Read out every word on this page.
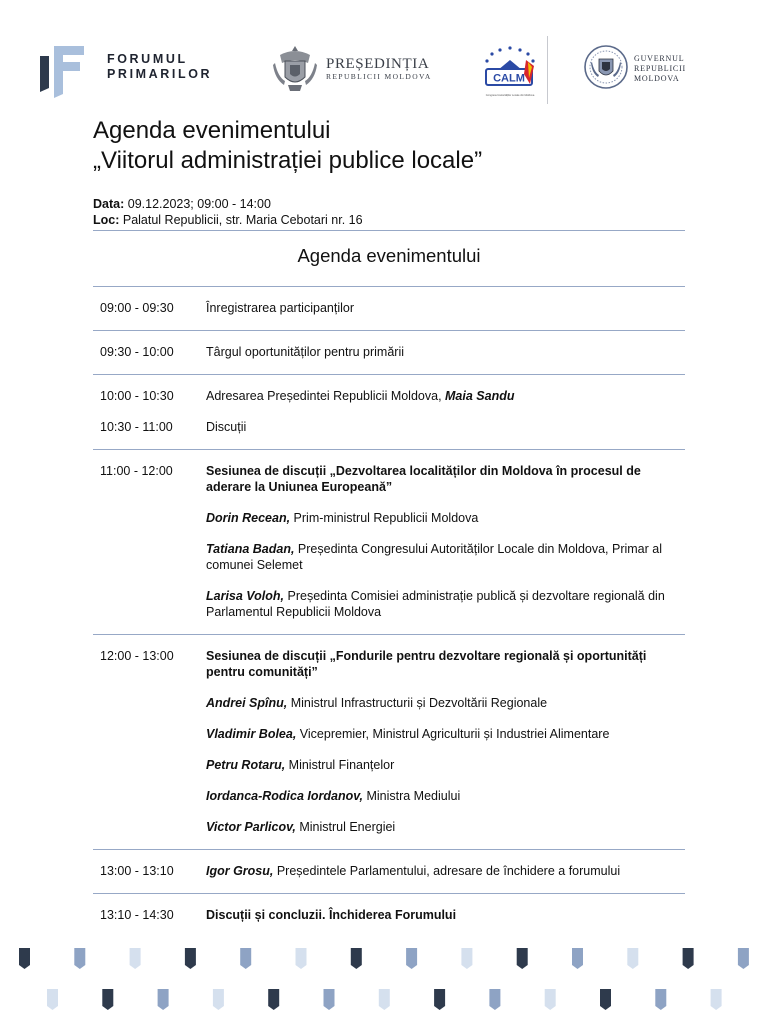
FORUMUL
PRIMARILOR
PREȘEDINȚIA
REPUBLICII MOLDOVA	CALM
Congresul Autorităților Locale din Moldova
GUVERNUL
REPUBLICII
MOLDOVA
Agenda evenimentului
„Viitorul administrației publice locale”
Data: 09.12.2023; 09:00 - 14:00
Loc: Palatul Republicii, str. Maria Cebotari nr. 16
Agenda evenimentului
09:00 - 09:30	Înregistrarea participanților
09:30 - 10:00	Târgul oportunităților pentru primării
10:00 - 10:30	Adresarea Președintei Republicii Moldova, Maia Sandu
10:30 - 11:00	Discuții
11:00 - 12:00	Sesiunea de discuții „Dezvoltarea localităților din Moldova în procesul de aderare la Uniunea Europeană”
Dorin Recean, Prim-ministrul Republicii Moldova
Tatiana Badan, Președinta Congresului Autorităților Locale din Moldova, Primar al comunei Selemet
Larisa Voloh, Președinta Comisiei administrație publică și dezvoltare regională din Parlamentul Republicii Moldova
12:00 - 13:00	Sesiunea de discuții „Fondurile pentru dezvoltare regională și oportunități pentru comunități”
Andrei Spînu, Ministrul Infrastructurii și Dezvoltării Regionale
Vladimir Bolea, Vicepremier, Ministrul Agriculturii și Industriei Alimentare
Petru Rotaru, Ministrul Finanțelor
Iordanca-Rodica Iordanov, Ministra Mediului
Victor Parlicov, Ministrul Energiei
13:00 - 13:10	Igor Grosu, Președintele Parlamentului, adresare de închidere a forumului
13:10 - 14:30	Discuții și concluzii. Închiderea Forumului
